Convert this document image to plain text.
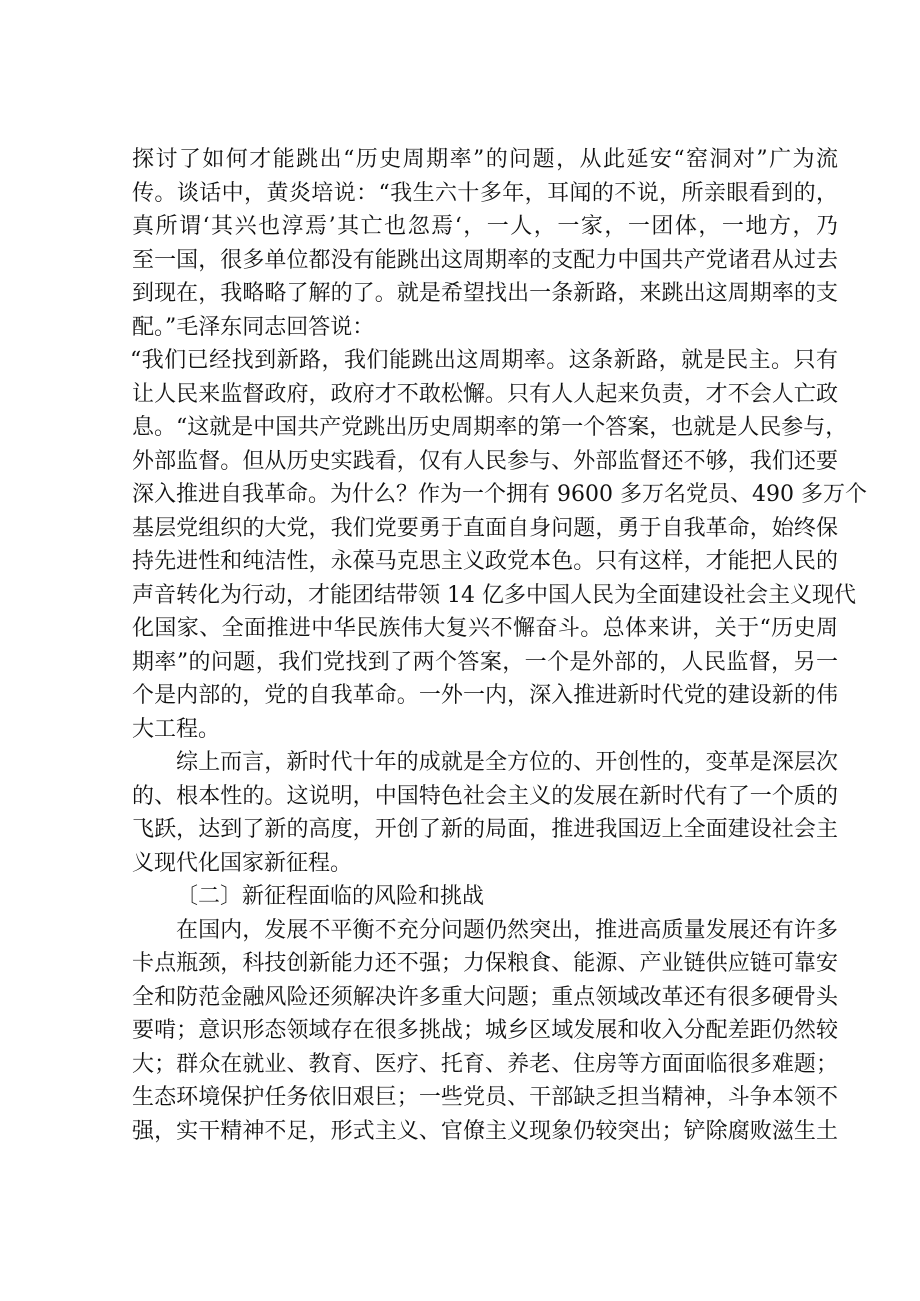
探讨了如何才能跳出“历史周期率”的问题，从此延安“窑洞对”广为流
传。谈话中，黄炎培说：“我生六十多年，耳闻的不说，所亲眼看到的，
真所谓‘其兴也淳焉’其亡也忽焉‘，一人，一家，一团体，一地方，乃
至一国，很多单位都没有能跳出这周期率的支配力中国共产党诸君从过去
到现在，我略略了解的了。就是希望找出一条新路，来跳出这周期率的支
配。”毛泽东同志回答说：
“我们已经找到新路，我们能跳出这周期率。这条新路，就是民主。只有
让人民来监督政府，政府才不敢松懈。只有人人起来负责，才不会人亡政
息。“这就是中国共产党跳出历史周期率的第一个答案，也就是人民参与，
外部监督。但从历史实践看，仅有人民参与、外部监督还不够，我们还要
深入推进自我革命。为什么？作为一个拥有 9600 多万名党员、490 多万个
基层党组织的大党，我们党要勇于直面自身问题，勇于自我革命，始终保
持先进性和纯洁性，永葆马克思主义政党本色。只有这样，才能把人民的
声音转化为行动，才能团结带领 14 亿多中国人民为全面建设社会主义现代
化国家、全面推进中华民族伟大复兴不懈奋斗。总体来讲，关于“历史周
期率”的问题，我们党找到了两个答案，一个是外部的，人民监督，另一
个是内部的，党的自我革命。一外一内，深入推进新时代党的建设新的伟
大工程。
综上而言，新时代十年的成就是全方位的、开创性的，变革是深层次
的、根本性的。这说明，中国特色社会主义的发展在新时代有了一个质的
飞跃，达到了新的高度，开创了新的局面，推进我国迈上全面建设社会主
义现代化国家新征程。
〔二〕新征程面临的风险和挑战
在国内，发展不平衡不充分问题仍然突出，推进高质量发展还有许多
卡点瓶颈，科技创新能力还不强；力保粮食、能源、产业链供应链可靠安
全和防范金融风险还须解决许多重大问题；重点领域改革还有很多硬骨头
要啃；意识形态领域存在很多挑战；城乡区域发展和收入分配差距仍然较
大；群众在就业、教育、医疗、托育、养老、住房等方面面临很多难题；
生态环境保护任务依旧艰巨；一些党员、干部缺乏担当精神，斗争本领不
强，实干精神不足，形式主义、官僚主义现象仍较突出；铲除腐败滋生土
